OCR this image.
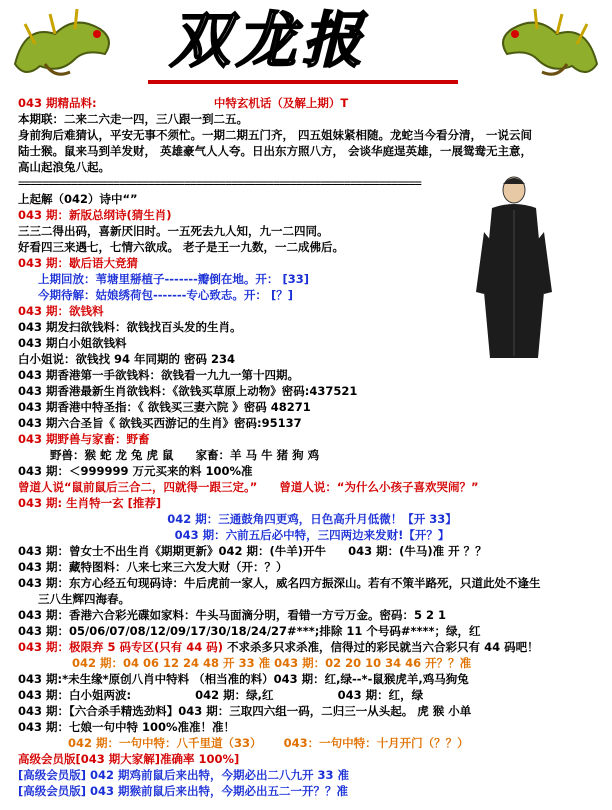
双龙报
043 期精品料:	中特玄机话（及解上期）T
本期联：二来二六走一四，三八跟一到二五。
身前狗后难猜认，平安无事不须忙。一期二期五门齐， 四五姐妹紧相随。龙蛇当今看分清， 一说云间
陆士猴。鼠来马到羊发财， 英雄豪气人人夸。日出东方照八方， 会谈华庭逞英雄，一展鸳鸯无主意，
高山起浪兔八起。
====================================================================
上起解（042）诗中“”
043 期：新版总纲诗(猜生肖)
三三二得出码，喜新厌旧时。一五死去九人知，九一二四同。
好看四三来遇七，七情六欲成。 老子是王一九数，一二成佛后。
043 期：歇后语大竞猜
上期回放：苇塘里掰植子-------瓣倒在地。开： [33]
今期待解：姑娘绣荷包-------专心致志。开： [？]
043 期：欲钱料
043 期发扫欲钱料：欲钱找百头发的生肖。
043 期白小姐欲钱料
白小姐说：欲钱找 94 年同期的 密码 234
043 期香港第一手欲钱料：欲钱看一九九一第十四期。
043 期香港最新生肖欲钱料：《欲钱买草原上动物》密码:437521
043 期香港中特圣指：《 欲钱买三妻六院 》密码 48271
043 期六合圣旨《 欲钱买西游记的生肖》密码:95137
043 期野兽与家畜：野畜
野兽：猴 蛇 龙 兔 虎 鼠 家畜：羊 马 牛 猪 狗 鸡
043 期：＜999999 万元买来的料 100%准
曾道人说“鼠前鼠后三合二，四就得一跟三定。” 曾道人说：“为什么小孩子喜欢哭闹？”
043 期: 生肖特一玄 [推荐]
042 期：三通鼓角四更鸡，日色高升月低微！【开 33】
043 期：六前五后必中特，三四两边来发财!【开？】
043 期：曾女士不出生肖《期期更新》042 期：(牛羊)开牛 043 期：(牛马)准 开 ？？
043 期：藏特图料：八来七来三六发大财（开：？）
043 期：东方心经五句现码诗：牛后虎前一家人，威名四方振深山。若有不策半路死，只道此处不逢生
三八生辉四海春。
043 期：香港六合彩光碟如家料：牛头马面滴分明，看错一方亏万金。密码：5 2 1
043 期：05/06/07/08/12/09/17/30/18/24/27#***;排除 11 个号码#****；绿，红
043 期：极限弃 5 码专区(只有 44 码) 不求杀多只求杀准，信得过的彩民就当六合彩只有 44 码吧！
042 期：04 06 12 24 48 开 33 准 043 期：02 20 10 34 46 开？？准
043 期:*未生缘*原创八肖中特料 （相当准的料）043 期：红,绿--*-鼠猴虎羊,鸡马狗兔
043 期：白小姐两波:	042 期：绿,红	043 期：红，绿
043 期：【六合杀手精选劲料】043 期：三取四六组一码，二归三一从头起。 虎 猴 小单
043 期：七娘一句中特 100%准准！准！
042 期：一句中特：八千里道（33） 043：一句中特：十月开门（？？）
高级会员版[043 期大家解]准确率 100%]
[高级会员版] 042 期鸡前鼠后来出特，今期必出二八九开 33 准
[高级会员版] 043 期猴前鼠后来出特，今期必出五二一开？？准
